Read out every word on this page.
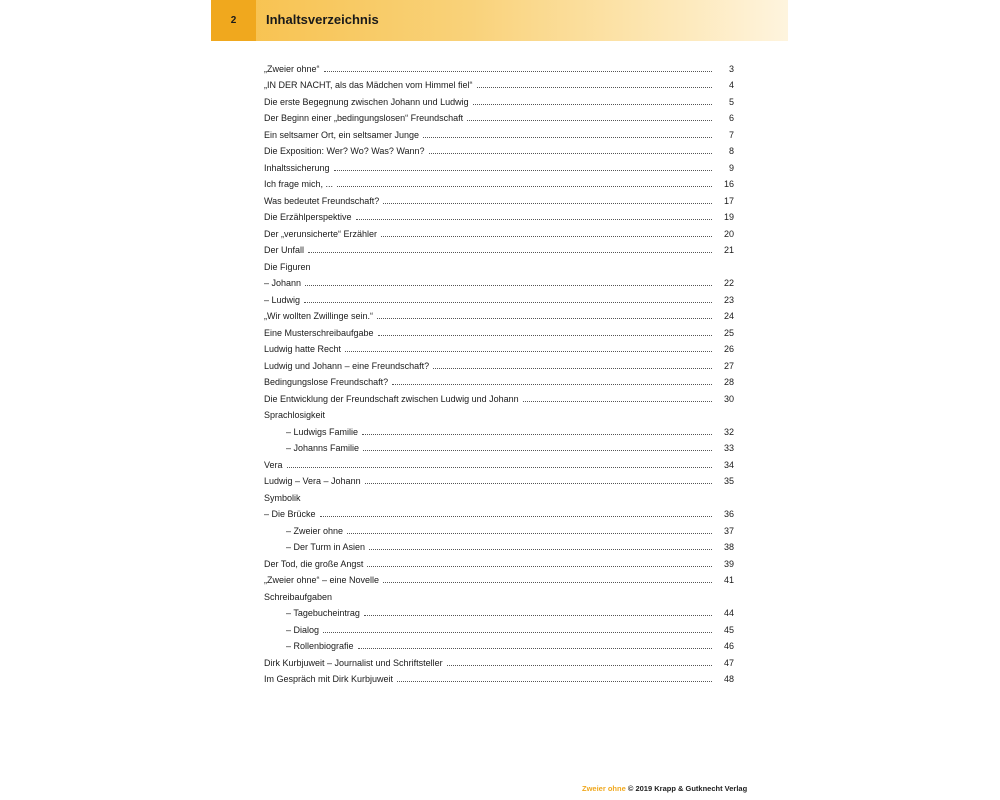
2	Inhaltsverzeichnis
„Zweier ohne“	3
„IN DER NACHT, als das Mädchen vom Himmel fiel“	4
Die erste Begegnung zwischen Johann und Ludwig	5
Der Beginn einer „bedingungslosen“ Freundschaft	6
Ein seltsamer Ort, ein seltsamer Junge	7
Die Exposition: Wer? Wo? Was? Wann?	8
Inhaltssicherung	9
Ich frage mich, ...	16
Was bedeutet Freundschaft?	17
Die Erzählperspektive	19
Der „verunsicherte“ Erzähler	20
Der Unfall	21
Die Figuren
– Johann	22
– Ludwig	23
„Wir wollten Zwillinge sein.“	24
Eine Musterschreibaufgabe	25
Ludwig hatte Recht	26
Ludwig und Johann – eine Freundschaft?	27
Bedingungslose Freundschaft?	28
Die Entwicklung der Freundschaft zwischen Ludwig und Johann	30
Sprachlosigkeit
– Ludwigs Familie	32
– Johanns Familie	33
Vera	34
Ludwig – Vera – Johann	35
Symbolik
– Die Brücke	36
– Zweier ohne	37
– Der Turm in Asien	38
Der Tod, die große Angst	39
„Zweier ohne“ – eine Novelle	41
Schreibaufgaben
– Tagebucheintrag	44
– Dialog	45
– Rollenbiografie	46
Dirk Kurbjuweit – Journalist und Schriftsteller	47
Im Gespräch mit Dirk Kurbjuweit	48
Zweier ohne © 2019 Krapp & Gutknecht Verlag
